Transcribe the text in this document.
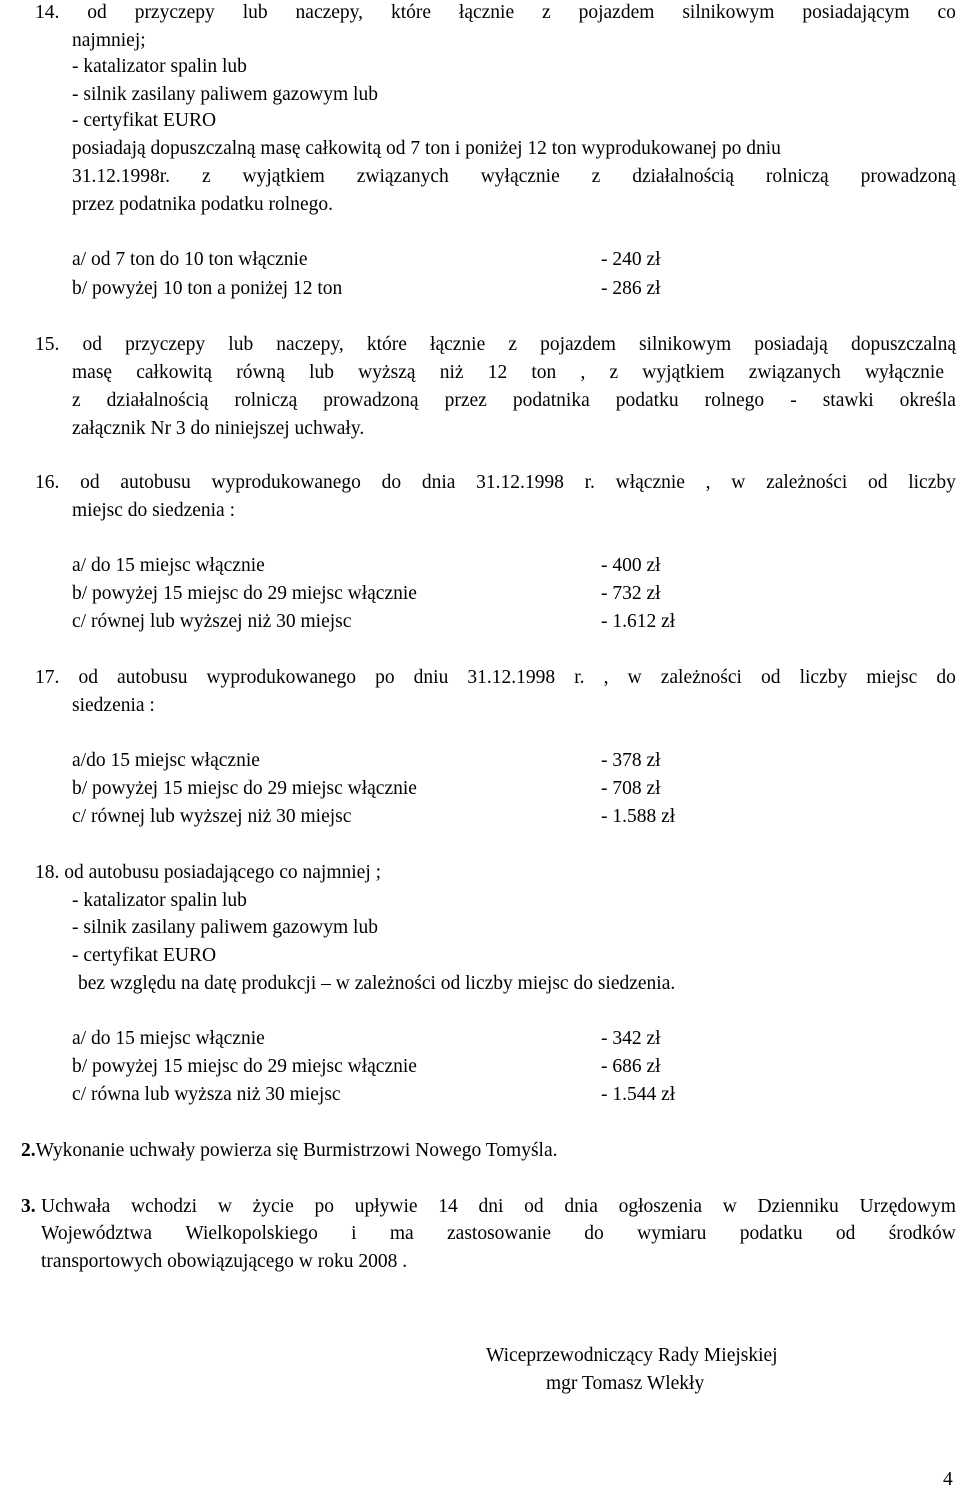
14. od przyczepy lub naczepy, które łącznie z pojazdem silnikowym posiadającym co
najmniej;
- katalizator spalin lub
- silnik zasilany paliwem gazowym lub
- certyfikat EURO
posiadają dopuszczalną masę całkowitą od 7 ton i poniżej 12 ton wyprodukowanej po dniu
31.12.1998r. z wyjątkiem związanych wyłącznie z działalnością rolniczą prowadzoną
przez podatnika podatku rolnego.
a/ od 7 ton do 10 ton włącznie	- 240 zł
b/ powyżej 10 ton a poniżej 12 ton	- 286 zł
15. od przyczepy lub naczepy, które łącznie z pojazdem silnikowym posiadają dopuszczalną
masę całkowitą równą lub wyższą niż 12 ton , z wyjątkiem związanych wyłącznie
z działalnością rolniczą prowadzoną przez podatnika podatku rolnego - stawki określa
załącznik Nr 3 do niniejszej uchwały.
16. od autobusu wyprodukowanego do dnia 31.12.1998 r. włącznie , w zależności od liczby
miejsc do siedzenia :
a/ do 15 miejsc włącznie	- 400 zł
b/ powyżej 15 miejsc do 29 miejsc włącznie	- 732 zł
c/ równej lub wyższej niż 30 miejsc	- 1.612 zł
17. od autobusu wyprodukowanego po dniu 31.12.1998 r. , w zależności od liczby miejsc do
siedzenia :
a/do 15 miejsc włącznie	- 378 zł
b/ powyżej 15 miejsc do 29 miejsc włącznie	- 708 zł
c/ równej lub wyższej niż 30 miejsc	- 1.588 zł
18. od autobusu posiadającego co najmniej ;
- katalizator spalin lub
- silnik zasilany paliwem gazowym lub
- certyfikat EURO
bez względu na datę produkcji – w zależności od liczby miejsc do siedzenia.
a/ do 15 miejsc włącznie	- 342 zł
b/ powyżej 15 miejsc do 29 miejsc włącznie	- 686 zł
c/ równa lub wyższa niż 30 miejsc	- 1.544 zł
2.Wykonanie uchwały powierza się Burmistrzowi Nowego Tomyśla.
3. Uchwała wchodzi w życie po upływie 14 dni od dnia ogłoszenia w Dzienniku Urzędowym
Województwa Wielkopolskiego i ma zastosowanie do wymiaru podatku od środków
transportowych obowiązującego w roku 2008 .
Wiceprzewodniczący Rady Miejskiej
mgr Tomasz Wlekły
4
